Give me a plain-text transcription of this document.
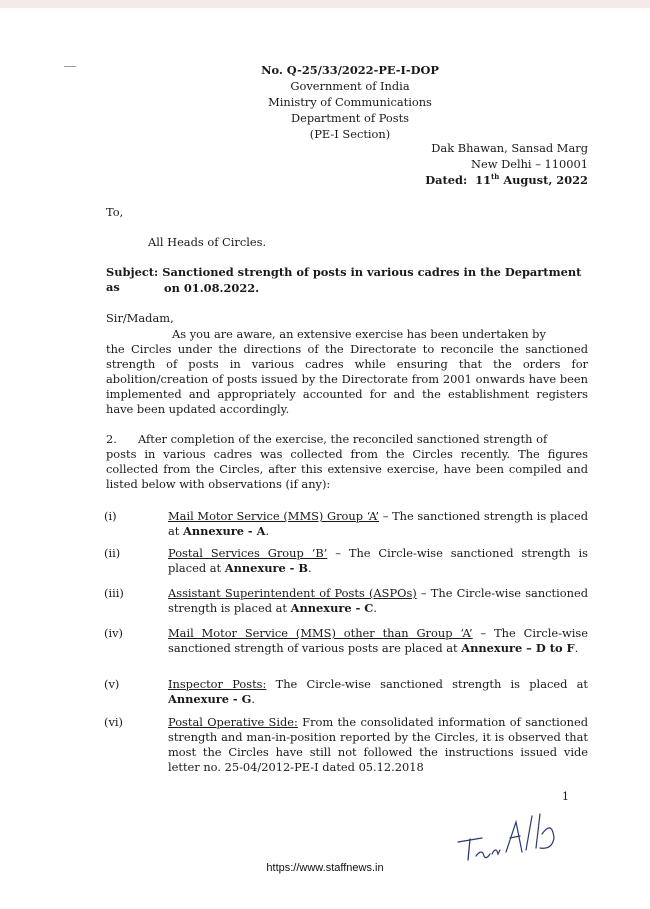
No. Q-25/33/2022-PE-I-DOP
Government of India
Ministry of Communications
Department of Posts
(PE-I Section)
Dak Bhawan, Sansad Marg
New Delhi – 110001
Dated: 11th August, 2022
To,
All Heads of Circles.
Subject: Sanctioned strength of posts in various cadres in the Department as	on 01.08.2022.
Sir/Madam,

As you are aware, an extensive exercise has been undertaken by

the Circles under the directions of the Directorate to reconcile the sanctioned strength of posts in various cadres while ensuring that the orders for abolition/creation of posts issued by the Directorate from 2001 onwards have been implemented and appropriately accounted for and the establishment registers have been updated accordingly.

2. After completion of the exercise, the reconciled sanctioned strength of

posts in various cadres was collected from the Circles recently. The figures collected from the Circles, after this extensive exercise, have been compiled and listed below with observations (if any):

(i)	Mail Motor Service (MMS) Group ‘A’ – The sanctioned strength is placed at Annexure - A.
(ii)	Postal Services Group ‘B’ – The Circle-wise sanctioned strength is placed at Annexure - B.
(iii)	Assistant Superintendent of Posts (ASPOs) – The Circle-wise sanctioned strength is placed at Annexure - C.
(iv)	Mail Motor Service (MMS) other than Group ‘A’ – The Circle-wise sanctioned strength of various posts are placed at Annexure – D to F.
(v)	Inspector Posts: The Circle-wise sanctioned strength is placed at Annexure - G.
(vi)	Postal Operative Side: From the consolidated information of sanctioned strength and man-in-position reported by the Circles, it is observed that most the Circles have still not followed the instructions issued vide letter no. 25-04/2012-PE-I dated 05.12.2018
1
https://www.staffnews.in
